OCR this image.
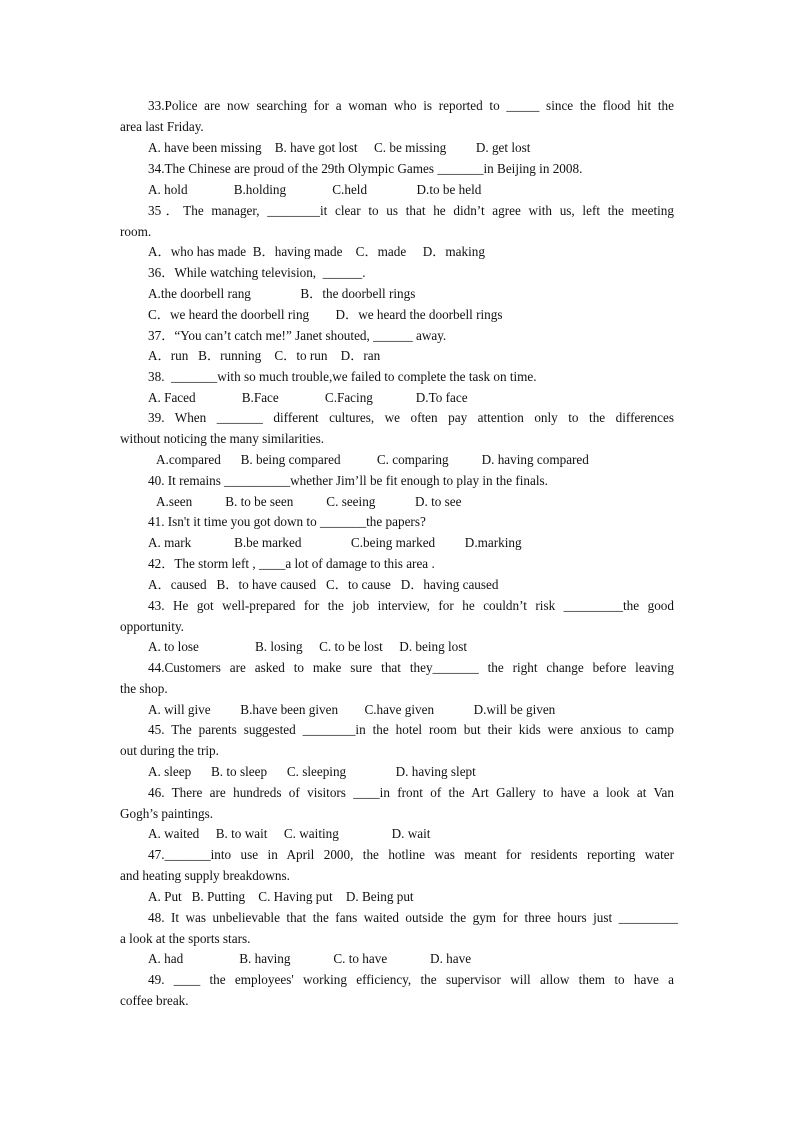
33.Police are now searching for a woman who is reported to _____ since the flood hit the
area last Friday.
A. have been missing    B. have got lost     C. be missing         D. get lost
34.The Chinese are proud of the 29th Olympic Games _______in Beijing in 2008.
A. hold              B.holding              C.held               D.to be held
35．The manager, ________it clear to us that he didn’t agree with us, left the meeting
room.
A．who has made  B．having made    C．made     D．making
36．While watching television,  ______.
A.the doorbell rang               B．the doorbell rings
C．we heard the doorbell ring        D．we heard the doorbell rings
37．“You can’t catch me!” Janet shouted, ______ away.
A．run   B．running    C．to run    D．ran
38.  _______with so much trouble,we failed to complete the task on time.
A. Faced              B.Face              C.Facing             D.To face
39. When _______ different cultures, we often pay attention only to the differences
without noticing the many similarities.
A.compared      B. being compared           C. comparing          D. having compared
40. It remains __________whether Jim’ll be fit enough to play in the finals.
A.seen          B. to be seen          C. seeing            D. to see
41. Isn't it time you got down to _______the papers?
A. mark             B.be marked               C.being marked         D.marking
42．The storm left , ____a lot of damage to this area .
A．caused   B．to have caused   C．to cause   D．having caused
43. He got well-prepared for the job interview, for he couldn’t risk _________the good
opportunity.
A. to lose                 B. losing     C. to be lost     D. being lost
44.Customers are asked to make sure that they_______ the right change before leaving
the shop.
A. will give         B.have been given        C.have given            D.will be given
45. The parents suggested ________in the hotel room but their kids were anxious to camp
out during the trip.
A. sleep      B. to sleep      C. sleeping               D. having slept
46. There are hundreds of visitors ____in front of the Art Gallery to have a look at Van
Gogh’s paintings.
A. waited     B. to wait     C. waiting                D. wait
47._______into use in April 2000, the hotline was meant for residents reporting water
and heating supply breakdowns.
A. Put   B. Putting    C. Having put    D. Being put
48. It was unbelievable that the fans waited outside the gym for three hours just _________
a look at the sports stars.
A. had                 B. having             C. to have             D. have
49. ____ the employees' working efficiency, the supervisor will allow them to have a
coffee break.
